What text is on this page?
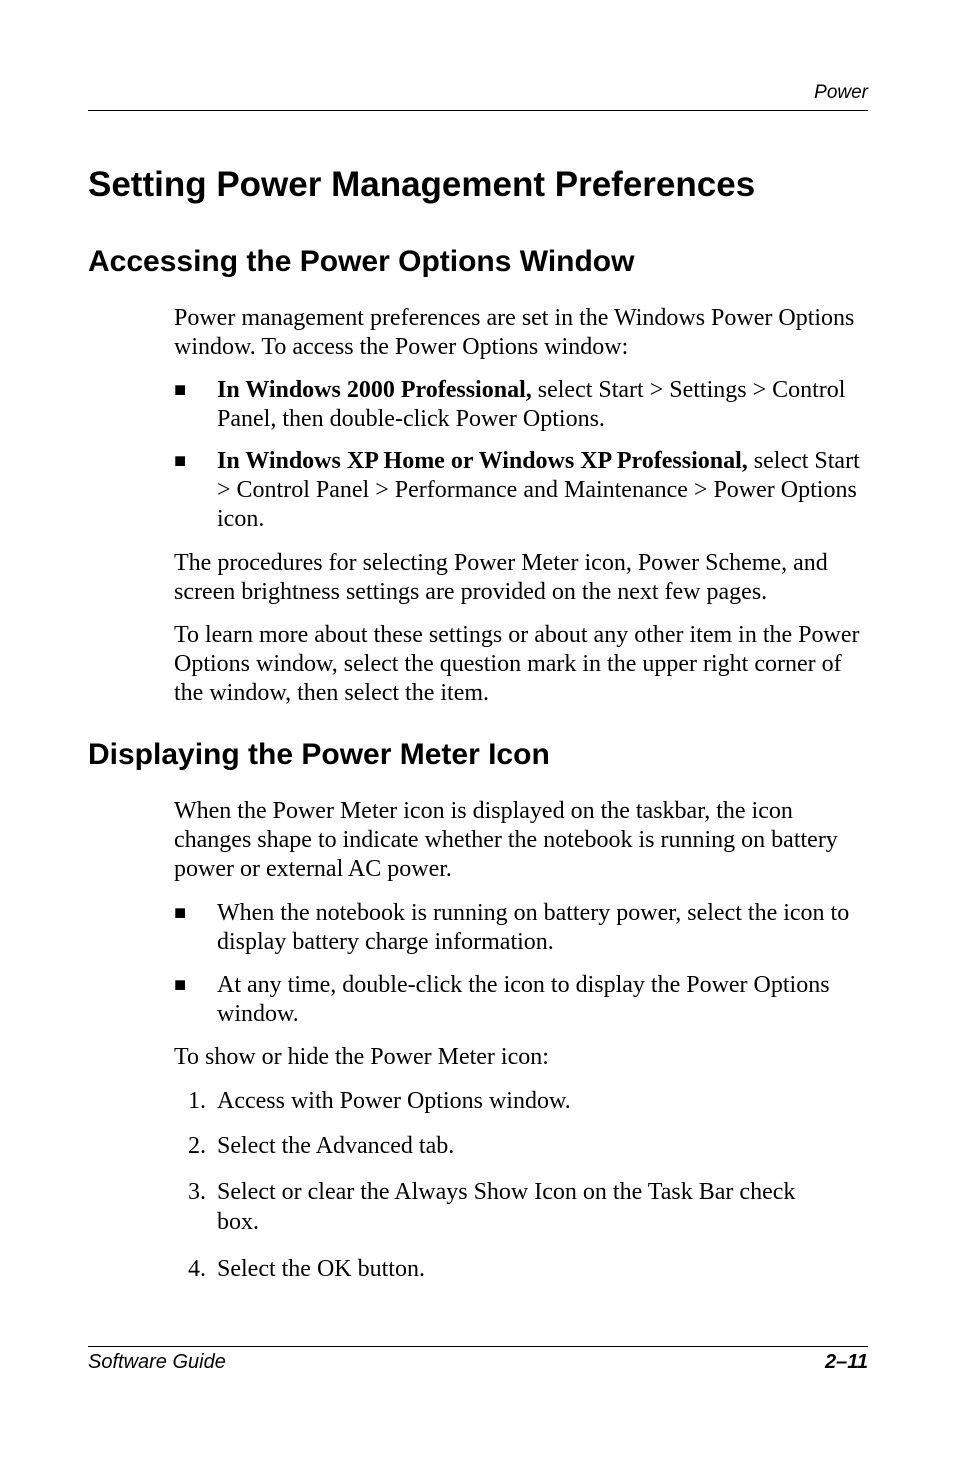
Power
Setting Power Management Preferences
Accessing the Power Options Window

Power management preferences are set in the Windows Power Options window. To access the Power Options window:

■ In Windows 2000 Professional, select Start > Settings > Control Panel, then double-click Power Options.
■ In Windows XP Home or Windows XP Professional, select Start > Control Panel > Performance and Maintenance > Power Options icon.

The procedures for selecting Power Meter icon, Power Scheme, and screen brightness settings are provided on the next few pages.

To learn more about these settings or about any other item in the Power Options window, select the question mark in the upper right corner of the window, then select the item.

Displaying the Power Meter Icon

When the Power Meter icon is displayed on the taskbar, the icon changes shape to indicate whether the notebook is running on battery power or external AC power.

■ When the notebook is running on battery power, select the icon to display battery charge information.
■ At any time, double-click the icon to display the Power Options window.

To show or hide the Power Meter icon:

1. Access with Power Options window.
2. Select the Advanced tab.
3. Select or clear the Always Show Icon on the Task Bar check box.
4. Select the OK button.
Software Guide	2–11
